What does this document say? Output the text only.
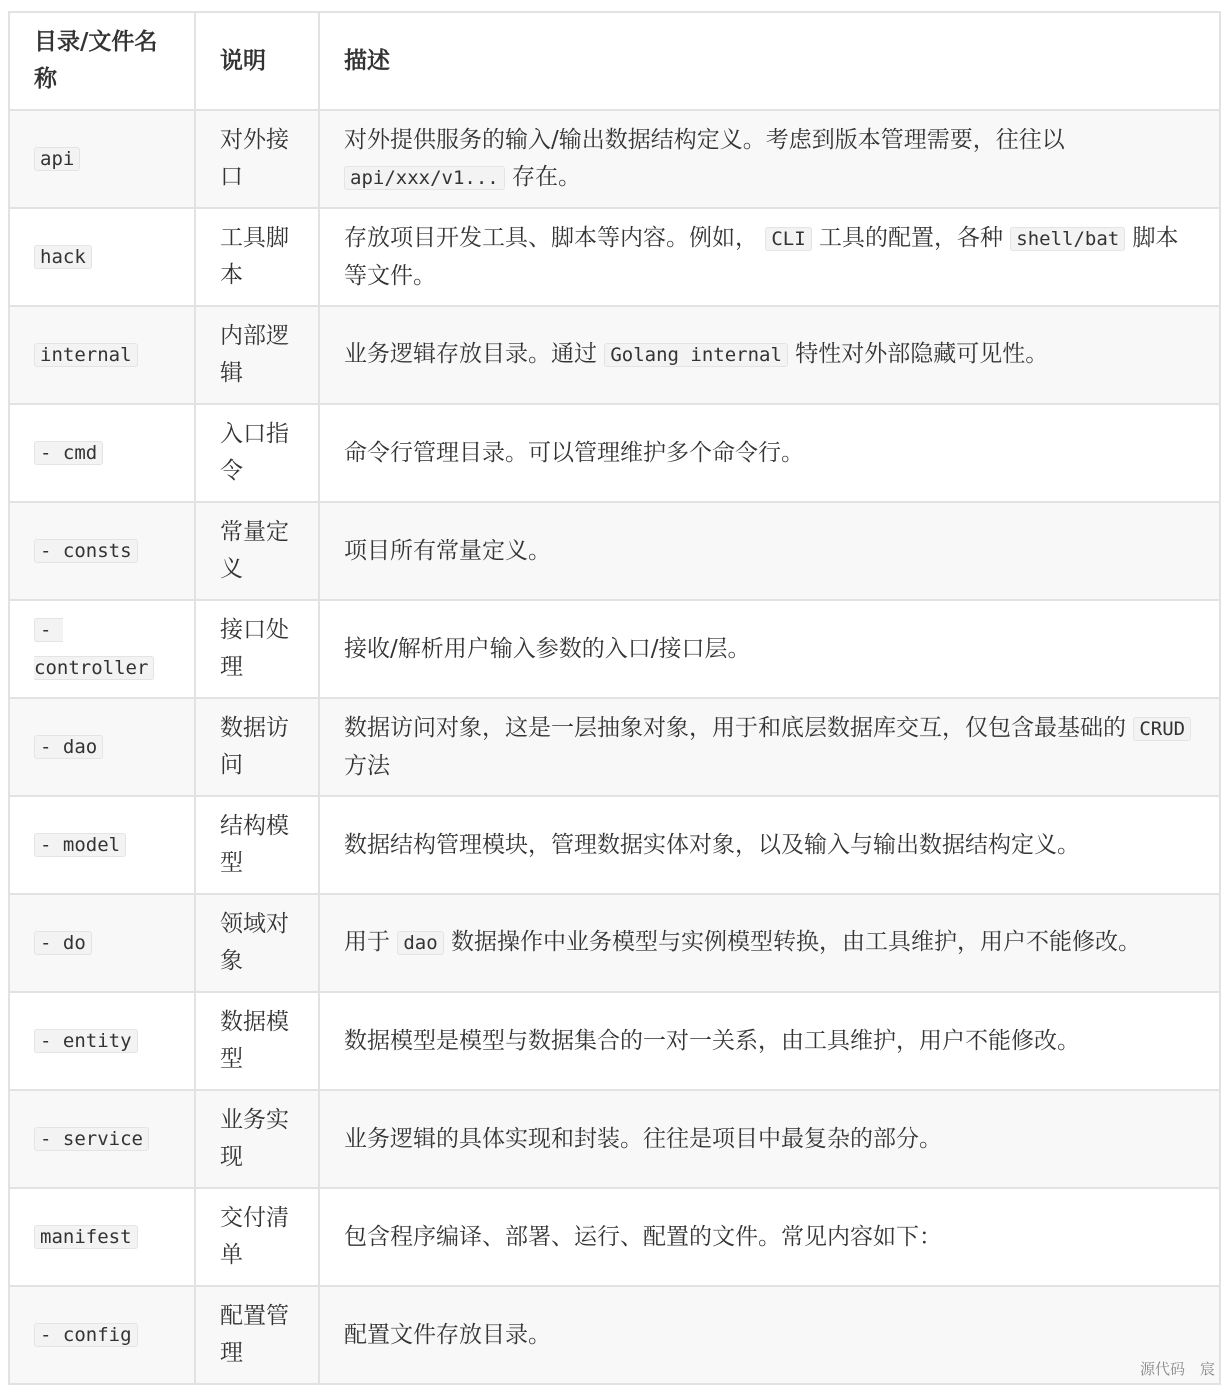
目录/文件名称	说明	描述
api	对外接口	对外提供服务的输入/输出数据结构定义。考虑到版本管理需要，往往以 api/xxx/v1... 存在。
hack	工具脚本	存放项目开发工具、脚本等内容。例如， CLI 工具的配置，各种 shell/bat 脚本等文件。
internal	内部逻辑	业务逻辑存放目录。通过 Golang internal 特性对外部隐藏可见性。
- cmd	入口指令	命令行管理目录。可以管理维护多个命令行。
- consts	常量定义	项目所有常量定义。
- controller	接口处理	接收/解析用户输入参数的入口/接口层。
- dao	数据访问	数据访问对象，这是一层抽象对象，用于和底层数据库交互，仅包含最基础的 CRUD 方法
- model	结构模型	数据结构管理模块，管理数据实体对象，以及输入与输出数据结构定义。
- do	领域对象	用于 dao 数据操作中业务模型与实例模型转换，由工具维护，用户不能修改。
- entity	数据模型	数据模型是模型与数据集合的一对一关系，由工具维护，用户不能修改。
- service	业务实现	业务逻辑的具体实现和封装。往往是项目中最复杂的部分。
manifest	交付清单	包含程序编译、部署、运行、配置的文件。常见内容如下：
- config	配置管理	配置文件存放目录。
源代码　宸
